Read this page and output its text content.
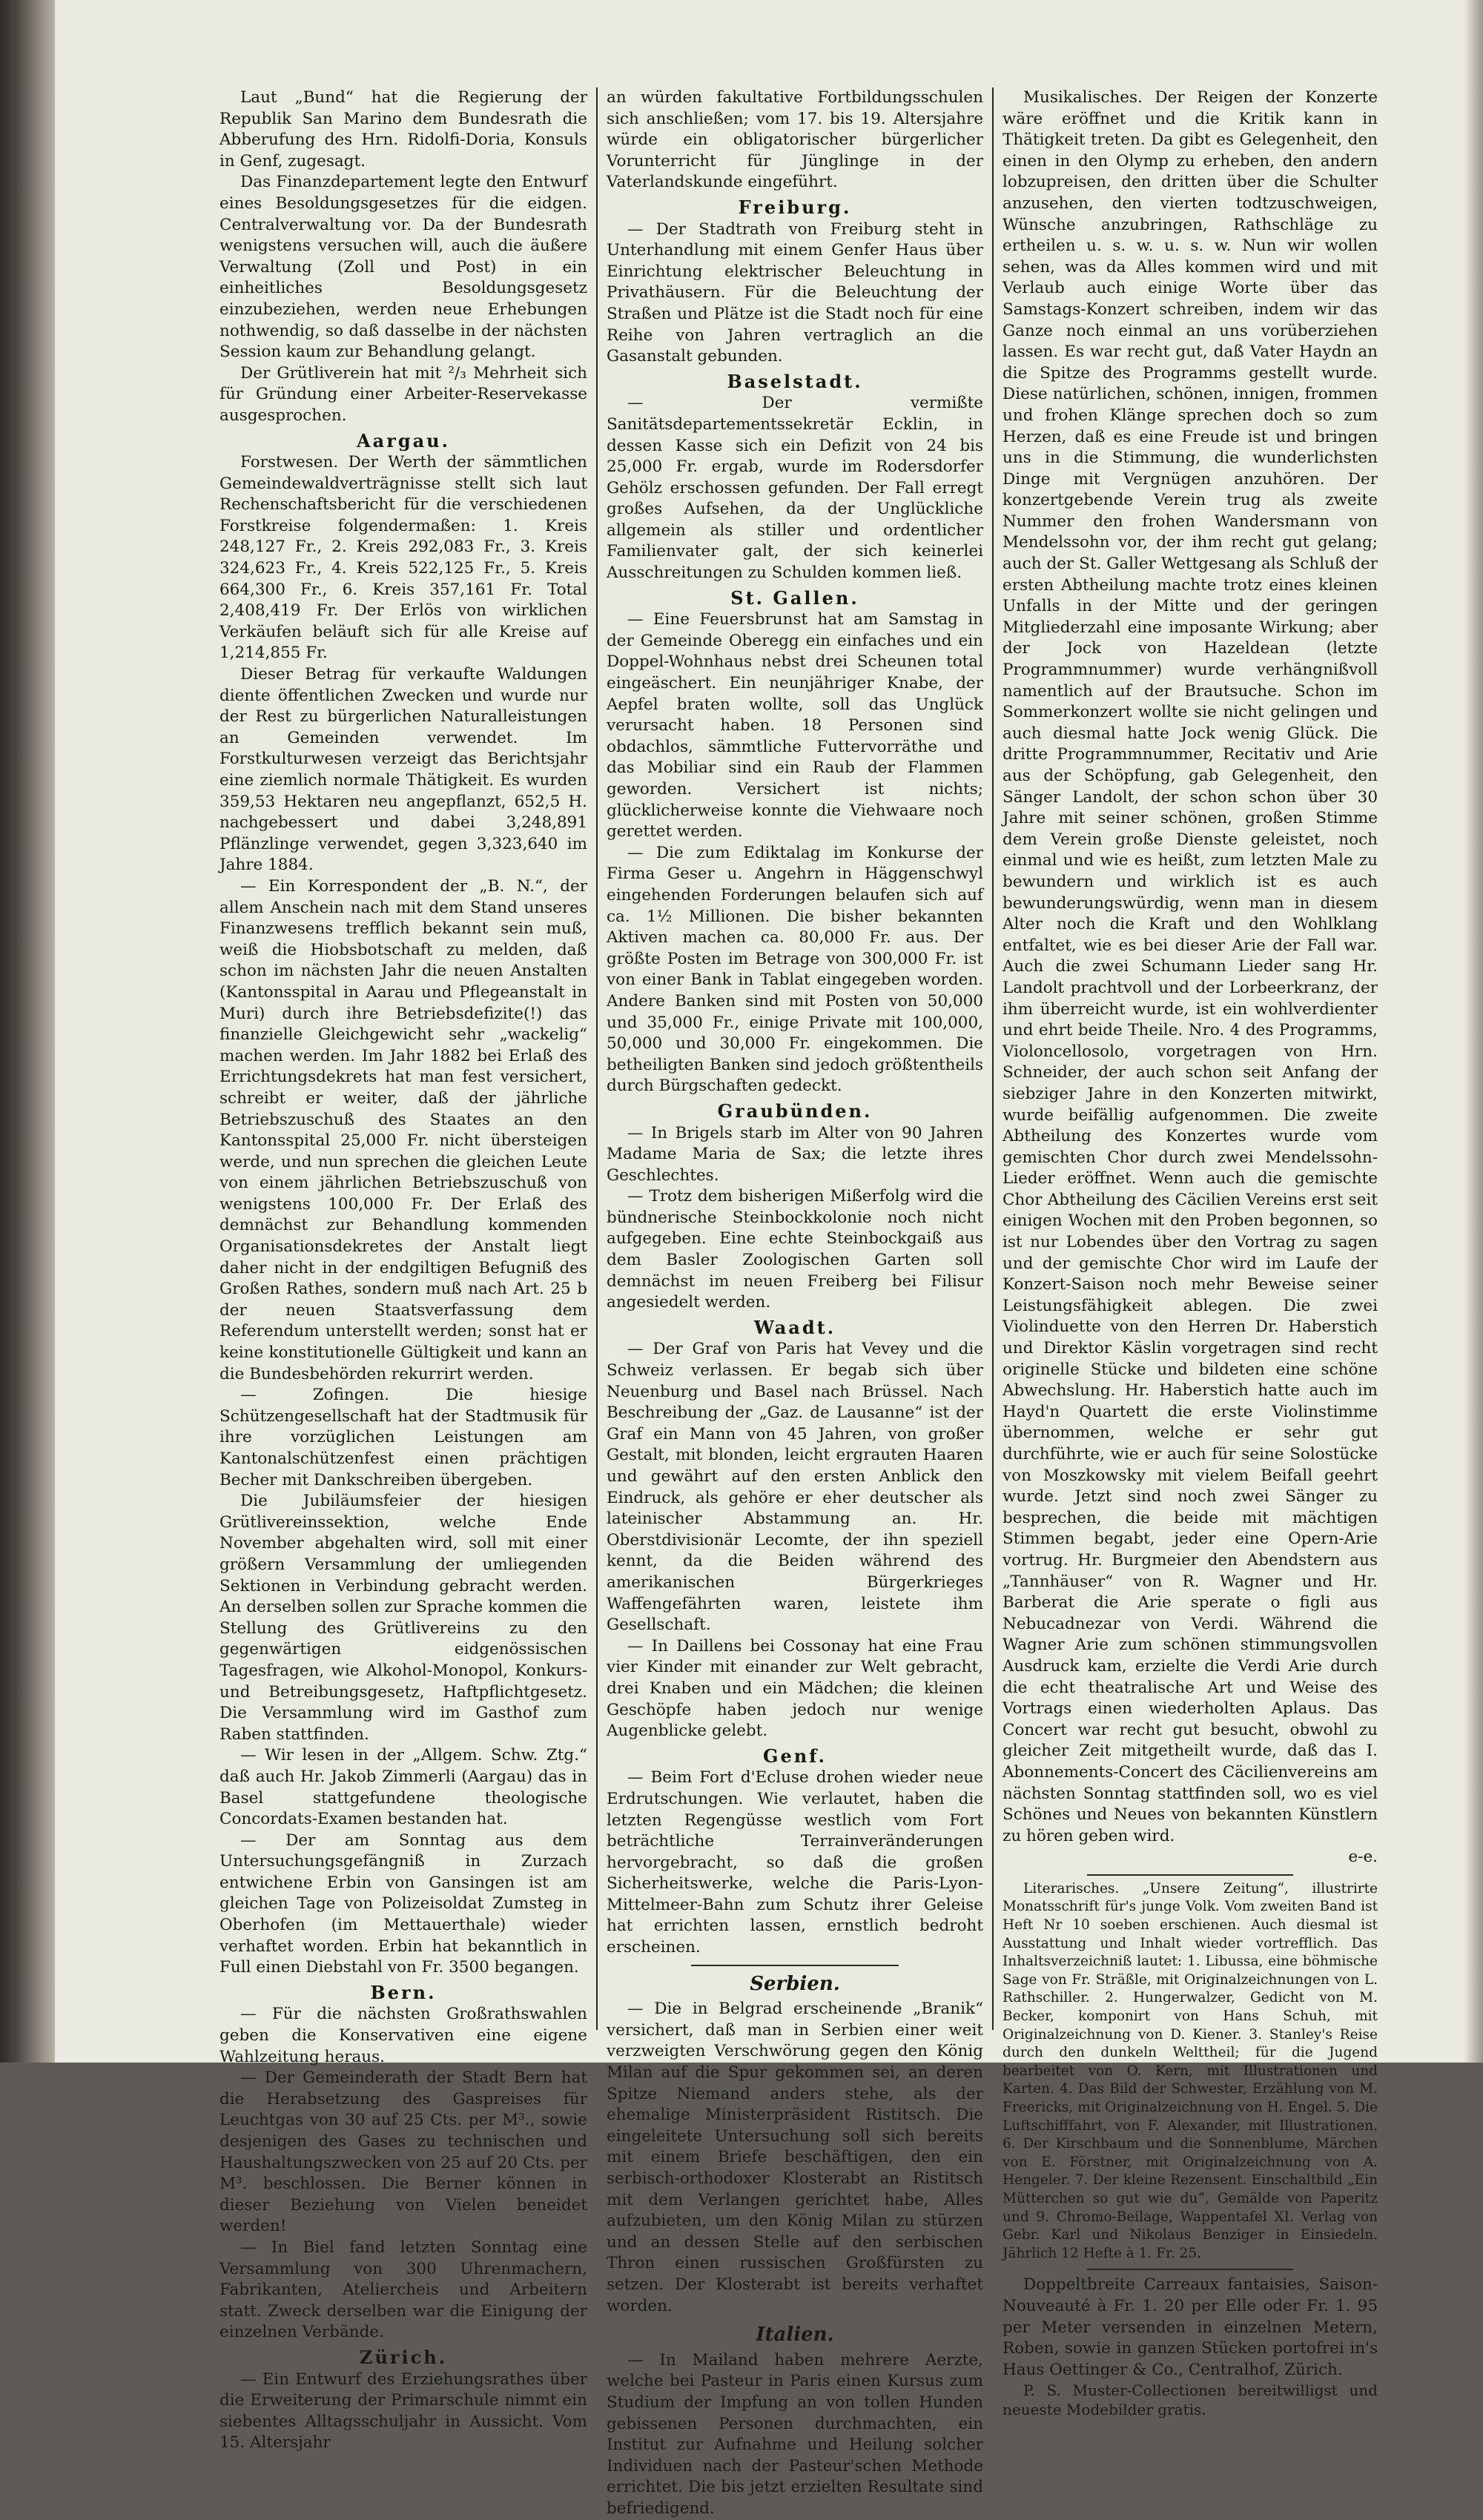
Laut „Bund“ hat die Regierung der Republik San Marino dem Bundesrath die Abberufung des Hrn. Ridolfi-Doria, Konsuls in Genf, zugesagt.

Das Finanzdepartement legte den Entwurf eines Besoldungsgesetzes für die eidgen. Centralverwaltung vor. Da der Bundesrath wenigstens versuchen will, auch die äußere Verwaltung (Zoll und Post) in ein einheitliches Besoldungsgesetz einzubeziehen, werden neue Erhebungen nothwendig, so daß dasselbe in der nächsten Session kaum zur Behandlung gelangt.

Der Grütliverein hat mit ²/₃ Mehrheit sich für Gründung einer Arbeiter-Reservekasse ausgesprochen.

Aargau.

Forstwesen. Der Werth der sämmtlichen Gemeindewaldverträgnisse stellt sich laut Rechenschaftsbericht für die verschiedenen Forstkreise folgendermaßen: 1. Kreis 248,127 Fr., 2. Kreis 292,083 Fr., 3. Kreis 324,623 Fr., 4. Kreis 522,125 Fr., 5. Kreis 664,300 Fr., 6. Kreis 357,161 Fr. Total 2,408,419 Fr. Der Erlös von wirklichen Verkäufen beläuft sich für alle Kreise auf 1,214,855 Fr.

Dieser Betrag für verkaufte Waldungen diente öffentlichen Zwecken und wurde nur der Rest zu bürgerlichen Naturalleistungen an Gemeinden verwendet. Im Forstkulturwesen verzeigt das Berichtsjahr eine ziemlich normale Thätigkeit. Es wurden 359,53 Hektaren neu angepflanzt, 652,5 H. nachgebessert und dabei 3,248,891 Pflänzlinge verwendet, gegen 3,323,640 im Jahre 1884.

— Ein Korrespondent der „B. N.“, der allem Anschein nach mit dem Stand unseres Finanzwesens trefflich bekannt sein muß, weiß die Hiobsbotschaft zu melden, daß schon im nächsten Jahr die neuen Anstalten (Kantonsspital in Aarau und Pflegeanstalt in Muri) durch ihre Betriebsdefizite(!) das finanzielle Gleichgewicht sehr „wackelig“ machen werden. Im Jahr 1882 bei Erlaß des Errichtungsdekrets hat man fest versichert, schreibt er weiter, daß der jährliche Betriebszuschuß des Staates an den Kantonsspital 25,000 Fr. nicht übersteigen werde, und nun sprechen die gleichen Leute von einem jährlichen Betriebszuschuß von wenigstens 100,000 Fr. Der Erlaß des demnächst zur Behandlung kommenden Organisationsdekretes der Anstalt liegt daher nicht in der endgiltigen Befugniß des Großen Rathes, sondern muß nach Art. 25 b der neuen Staatsverfassung dem Referendum unterstellt werden; sonst hat er keine konstitutionelle Gültigkeit und kann an die Bundesbehörden rekurrirt werden.

— Zofingen. Die hiesige Schützengesellschaft hat der Stadtmusik für ihre vorzüglichen Leistungen am Kantonalschützenfest einen prächtigen Becher mit Dankschreiben übergeben.

Die Jubiläumsfeier der hiesigen Grütlivereinssektion, welche Ende November abgehalten wird, soll mit einer größern Versammlung der umliegenden Sektionen in Verbindung gebracht werden. An derselben sollen zur Sprache kommen die Stellung des Grütlivereins zu den gegenwärtigen eidgenössischen Tagesfragen, wie Alkohol-Monopol, Konkurs- und Betreibungsgesetz, Haftpflichtgesetz. Die Versammlung wird im Gasthof zum Raben stattfinden.

— Wir lesen in der „Allgem. Schw. Ztg.“ daß auch Hr. Jakob Zimmerli (Aargau) das in Basel stattgefundene theologische Concordats-Examen bestanden hat.

— Der am Sonntag aus dem Untersuchungsgefängniß in Zurzach entwichene Erbin von Gansingen ist am gleichen Tage von Polizeisoldat Zumsteg in Oberhofen (im Mettauerthale) wieder verhaftet worden. Erbin hat bekanntlich in Full einen Diebstahl von Fr. 3500 begangen.

Bern.

— Für die nächsten Großrathswahlen geben die Konservativen eine eigene Wahlzeitung heraus.

— Der Gemeinderath der Stadt Bern hat die Herabsetzung des Gaspreises für Leuchtgas von 30 auf 25 Cts. per M³., sowie desjenigen des Gases zu technischen und Haushaltungszwecken von 25 auf 20 Cts. per M³. beschlossen. Die Berner können in dieser Beziehung von Vielen beneidet werden!

— In Biel fand letzten Sonntag eine Versammlung von 300 Uhrenmachern, Fabrikanten, Ateliercheis und Arbeitern statt. Zweck derselben war die Einigung der einzelnen Verbände.

Zürich.

— Ein Entwurf des Erziehungsrathes über die Erweiterung der Primarschule nimmt ein siebentes Alltagsschuljahr in Aussicht. Vom 15. Altersjahr

an würden fakultative Fortbildungsschulen sich anschließen; vom 17. bis 19. Altersjahre würde ein obligatorischer bürgerlicher Vorunterricht für Jünglinge in der Vaterlandskunde eingeführt.

Freiburg.

— Der Stadtrath von Freiburg steht in Unterhandlung mit einem Genfer Haus über Einrichtung elektrischer Beleuchtung in Privathäusern. Für die Beleuchtung der Straßen und Plätze ist die Stadt noch für eine Reihe von Jahren vertraglich an die Gasanstalt gebunden.

Baselstadt.

— Der vermißte Sanitätsdepartementssekretär Ecklin, in dessen Kasse sich ein Defizit von 24 bis 25,000 Fr. ergab, wurde im Rodersdorfer Gehölz erschossen gefunden. Der Fall erregt großes Aufsehen, da der Unglückliche allgemein als stiller und ordentlicher Familienvater galt, der sich keinerlei Ausschreitungen zu Schulden kommen ließ.

St. Gallen.

— Eine Feuersbrunst hat am Samstag in der Gemeinde Oberegg ein einfaches und ein Doppel-Wohnhaus nebst drei Scheunen total eingeäschert. Ein neunjähriger Knabe, der Aepfel braten wollte, soll das Unglück verursacht haben. 18 Personen sind obdachlos, sämmtliche Futtervorräthe und das Mobiliar sind ein Raub der Flammen geworden. Versichert ist nichts; glücklicherweise konnte die Viehwaare noch gerettet werden.

— Die zum Ediktalag im Konkurse der Firma Geser u. Angehrn in Häggenschwyl eingehenden Forderungen belaufen sich auf ca. 1½ Millionen. Die bisher bekannten Aktiven machen ca. 80,000 Fr. aus. Der größte Posten im Betrage von 300,000 Fr. ist von einer Bank in Tablat eingegeben worden. Andere Banken sind mit Posten von 50,000 und 35,000 Fr., einige Private mit 100,000, 50,000 und 30,000 Fr. eingekommen. Die betheiligten Banken sind jedoch größtentheils durch Bürgschaften gedeckt.

Graubünden.

— In Brigels starb im Alter von 90 Jahren Madame Maria de Sax; die letzte ihres Geschlechtes.

— Trotz dem bisherigen Mißerfolg wird die bündnerische Steinbockkolonie noch nicht aufgegeben. Eine echte Steinbockgaiß aus dem Basler Zoologischen Garten soll demnächst im neuen Freiberg bei Filisur angesiedelt werden.

Waadt.

— Der Graf von Paris hat Vevey und die Schweiz verlassen. Er begab sich über Neuenburg und Basel nach Brüssel. Nach Beschreibung der „Gaz. de Lausanne“ ist der Graf ein Mann von 45 Jahren, von großer Gestalt, mit blonden, leicht ergrauten Haaren und gewährt auf den ersten Anblick den Eindruck, als gehöre er eher deutscher als lateinischer Abstammung an. Hr. Oberstdivisionär Lecomte, der ihn speziell kennt, da die Beiden während des amerikanischen Bürgerkrieges Waffengefährten waren, leistete ihm Gesellschaft.

— In Daillens bei Cossonay hat eine Frau vier Kinder mit einander zur Welt gebracht, drei Knaben und ein Mädchen; die kleinen Geschöpfe haben jedoch nur wenige Augenblicke gelebt.

Genf.

— Beim Fort d'Ecluse drohen wieder neue Erdrutschungen. Wie verlautet, haben die letzten Regengüsse westlich vom Fort beträchtliche Terrainveränderungen hervorgebracht, so daß die großen Sicherheitswerke, welche die Paris-Lyon-Mittelmeer-Bahn zum Schutz ihrer Geleise hat errichten lassen, ernstlich bedroht erscheinen.

Serbien.

— Die in Belgrad erscheinende „Branik“ versichert, daß man in Serbien einer weit verzweigten Verschwörung gegen den König Milan auf die Spur gekommen sei, an deren Spitze Niemand anders stehe, als der ehemalige Ministerpräsident Ristitsch. Die eingeleitete Untersuchung soll sich bereits mit einem Briefe beschäftigen, den ein serbisch-orthodoxer Klosterabt an Ristitsch mit dem Verlangen gerichtet habe, Alles aufzubieten, um den König Milan zu stürzen und an dessen Stelle auf den serbischen Thron einen russischen Großfürsten zu setzen. Der Klosterabt ist bereits verhaftet worden.

Italien.

— In Mailand haben mehrere Aerzte, welche bei Pasteur in Paris einen Kursus zum Studium der Impfung an von tollen Hunden gebissenen Personen durchmachten, ein Institut zur Aufnahme und Heilung solcher Individuen nach der Pasteur'schen Methode errichtet. Die bis jetzt erzielten Resultate sind befriedigend.

Musikalisches. Der Reigen der Konzerte wäre eröffnet und die Kritik kann in Thätigkeit treten. Da gibt es Gelegenheit, den einen in den Olymp zu erheben, den andern lobzupreisen, den dritten über die Schulter anzusehen, den vierten todtzuschweigen, Wünsche anzubringen, Rathschläge zu ertheilen u. s. w. u. s. w. Nun wir wollen sehen, was da Alles kommen wird und mit Verlaub auch einige Worte über das Samstags-Konzert schreiben, indem wir das Ganze noch einmal an uns vorüberziehen lassen. Es war recht gut, daß Vater Haydn an die Spitze des Programms gestellt wurde. Diese natürlichen, schönen, innigen, frommen und frohen Klänge sprechen doch so zum Herzen, daß es eine Freude ist und bringen uns in die Stimmung, die wunderlichsten Dinge mit Vergnügen anzuhören. Der konzertgebende Verein trug als zweite Nummer den frohen Wandersmann von Mendelssohn vor, der ihm recht gut gelang; auch der St. Galler Wettgesang als Schluß der ersten Abtheilung machte trotz eines kleinen Unfalls in der Mitte und der geringen Mitgliederzahl eine imposante Wirkung; aber der Jock von Hazeldean (letzte Programmnummer) wurde verhängnißvoll namentlich auf der Brautsuche. Schon im Sommerkonzert wollte sie nicht gelingen und auch diesmal hatte Jock wenig Glück. Die dritte Programmnummer, Recitativ und Arie aus der Schöpfung, gab Gelegenheit, den Sänger Landolt, der schon schon über 30 Jahre mit seiner schönen, großen Stimme dem Verein große Dienste geleistet, noch einmal und wie es heißt, zum letzten Male zu bewundern und wirklich ist es auch bewunderungswürdig, wenn man in diesem Alter noch die Kraft und den Wohlklang entfaltet, wie es bei dieser Arie der Fall war. Auch die zwei Schumann Lieder sang Hr. Landolt prachtvoll und der Lorbeerkranz, der ihm überreicht wurde, ist ein wohlverdienter und ehrt beide Theile. Nro. 4 des Programms, Violoncellosolo, vorgetragen von Hrn. Schneider, der auch schon seit Anfang der siebziger Jahre in den Konzerten mitwirkt, wurde beifällig aufgenommen. Die zweite Abtheilung des Konzertes wurde vom gemischten Chor durch zwei Mendelssohn-Lieder eröffnet. Wenn auch die gemischte Chor Abtheilung des Cäcilien Vereins erst seit einigen Wochen mit den Proben begonnen, so ist nur Lobendes über den Vortrag zu sagen und der gemischte Chor wird im Laufe der Konzert-Saison noch mehr Beweise seiner Leistungsfähigkeit ablegen. Die zwei Violinduette von den Herren Dr. Haberstich und Direktor Käslin vorgetragen sind recht originelle Stücke und bildeten eine schöne Abwechslung. Hr. Haberstich hatte auch im Hayd'n Quartett die erste Violinstimme übernommen, welche er sehr gut durchführte, wie er auch für seine Solostücke von Moszkowsky mit vielem Beifall geehrt wurde. Jetzt sind noch zwei Sänger zu besprechen, die beide mit mächtigen Stimmen begabt, jeder eine Opern-Arie vortrug. Hr. Burgmeier den Abendstern aus „Tannhäuser“ von R. Wagner und Hr. Barberat die Arie sperate o figli aus Nebucadnezar von Verdi. Während die Wagner Arie zum schönen stimmungsvollen Ausdruck kam, erzielte die Verdi Arie durch die echt theatralische Art und Weise des Vortrags einen wiederholten Aplaus. Das Concert war recht gut besucht, obwohl zu gleicher Zeit mitgetheilt wurde, daß das I. Abonnements-Concert des Cäcilienvereins am nächsten Sonntag stattfinden soll, wo es viel Schönes und Neues von bekannten Künstlern zu hören geben wird.

e-e.

Literarisches. „Unsere Zeitung“, illustrirte Monatsschrift für's junge Volk. Vom zweiten Band ist Heft Nr 10 soeben erschienen. Auch diesmal ist Ausstattung und Inhalt wieder vortrefflich. Das Inhaltsverzeichniß lautet: 1. Libussa, eine böhmische Sage von Fr. Sträßle, mit Originalzeichnungen von L. Rathschiller. 2. Hungerwalzer, Gedicht von M. Becker, komponirt von Hans Schuh, mit Originalzeichnung von D. Kiener. 3. Stanley's Reise durch den dunkeln Welttheil; für die Jugend bearbeitet von O. Kern, mit Illustrationen und Karten. 4. Das Bild der Schwester, Erzählung von M. Freericks, mit Originalzeichnung von H. Engel. 5. Die Luftschifffahrt, von F. Alexander, mit Illustrationen. 6. Der Kirschbaum und die Sonnenblume, Märchen von E. Förstner, mit Originalzeichnung von A. Hengeler. 7. Der kleine Rezensent. Einschaltbild „Ein Mütterchen so gut wie du“, Gemälde von Paperitz und 9. Chromo-Beilage, Wappentafel XI. Verlag von Gebr. Karl und Nikolaus Benziger in Einsiedeln. Jährlich 12 Hefte à 1. Fr. 25.

Doppeltbreite Carreaux fantaisies, Saison-Nouveauté à Fr. 1. 20 per Elle oder Fr. 1. 95 per Meter versenden in einzelnen Metern, Roben, sowie in ganzen Stücken portofrei in's Haus Oettinger & Co., Centralhof, Zürich.

P. S. Muster-Collectionen bereitwilligst und neueste Modebilder gratis.
